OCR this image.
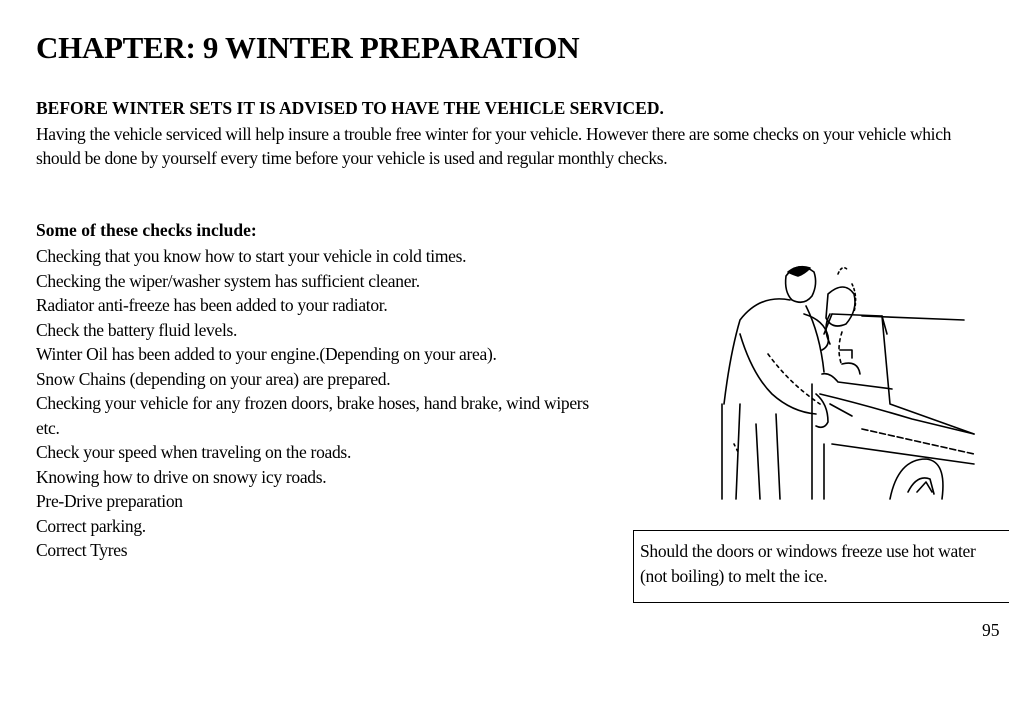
CHAPTER: 9 WINTER PREPARATION
BEFORE WINTER SETS IT IS ADVISED TO HAVE THE VEHICLE SERVICED.

Having the vehicle serviced will help insure a trouble free winter for your vehicle. However there are some checks on your vehicle which should be done by yourself every time before your vehicle is used and regular monthly checks.

Some of these checks include:
Checking that you know how to start your vehicle in cold times.
Checking the wiper/washer system has sufficient cleaner.
Radiator anti-freeze has been added to your radiator.
Check the battery fluid levels.
Winter Oil has been added to your engine.(Depending on your area).
Snow Chains (depending on your area) are prepared.
Checking your vehicle for any frozen doors, brake hoses, hand brake, wind wipers etc.
Check your speed when traveling on the roads.
Knowing how to drive on snowy icy roads.
Pre-Drive preparation
Correct parking.
Correct Tyres	Should the doors or windows freeze use hot water (not boiling) to melt the ice.

95
